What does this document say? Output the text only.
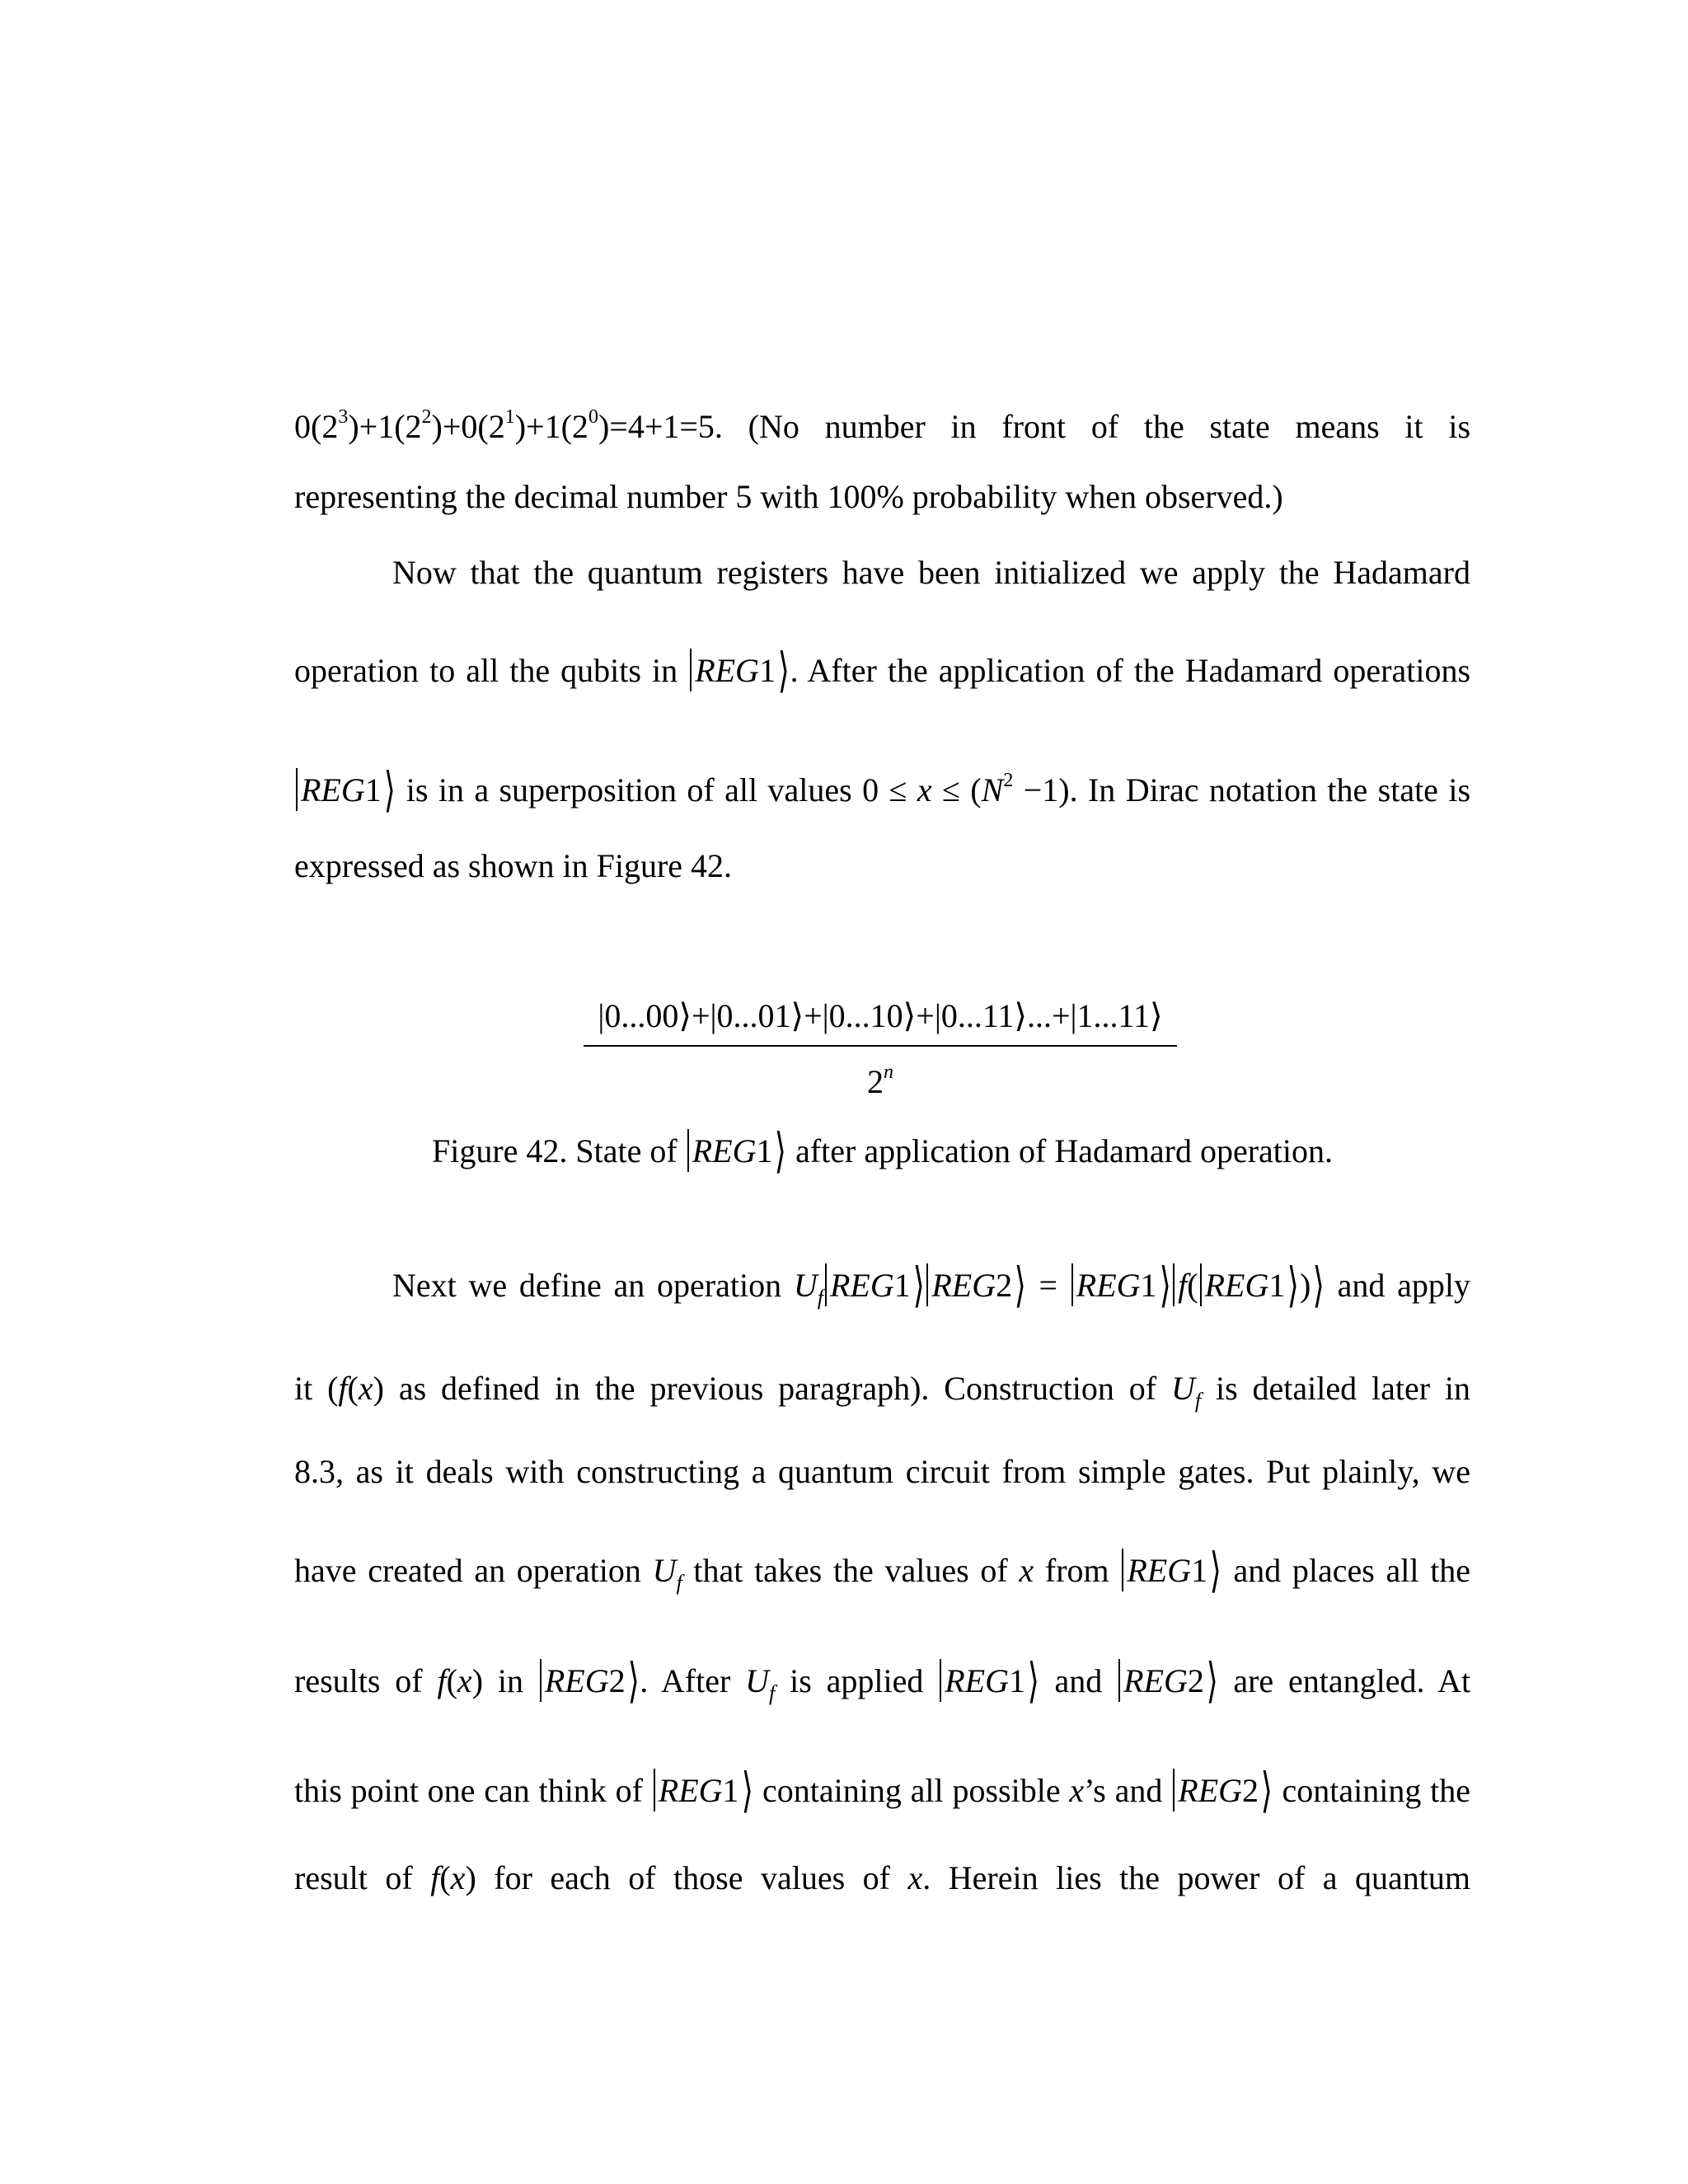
$0(2^3)+1(2^2)+0(2^1)+1(2^0)=4+1=5$. (No number in front of the state means it is
representing the decimal number 5 with 100% probability when observed.)
Now that the quantum registers have been initialized we apply the Hadamard
operation to all the qubits in REG1⟩. After the application of the Hadamard operations
REG1⟩ is in a superposition of all values $0 \le x \le (N^2 -1)$. In Dirac notation the state is
expressed as shown in Figure 42.
|0...00⟩+|0...01⟩+|0...10⟩+|0...11⟩...+|1...11⟩
2$^n$
Figure 42. State of REG1⟩ after application of Hadamard operation.
Next we define an operation $U_f$ REG1⟩ REG2⟩ = REG1⟩ f( REG1⟩)⟩ and apply
it (f(x) as defined in the previous paragraph). Construction of $U_f$ is detailed later in
8.3, as it deals with constructing a quantum circuit from simple gates. Put plainly, we
have created an operation $U_f$ that takes the values of x from REG1⟩ and places all the
results of f(x) in REG2⟩. After $U_f$ is applied REG1⟩ and REG2⟩ are entangled. At
this point one can think of REG1⟩ containing all possible x’s and REG2⟩ containing the
result of f(x) for each of those values of x. Herein lies the power of a quantum
